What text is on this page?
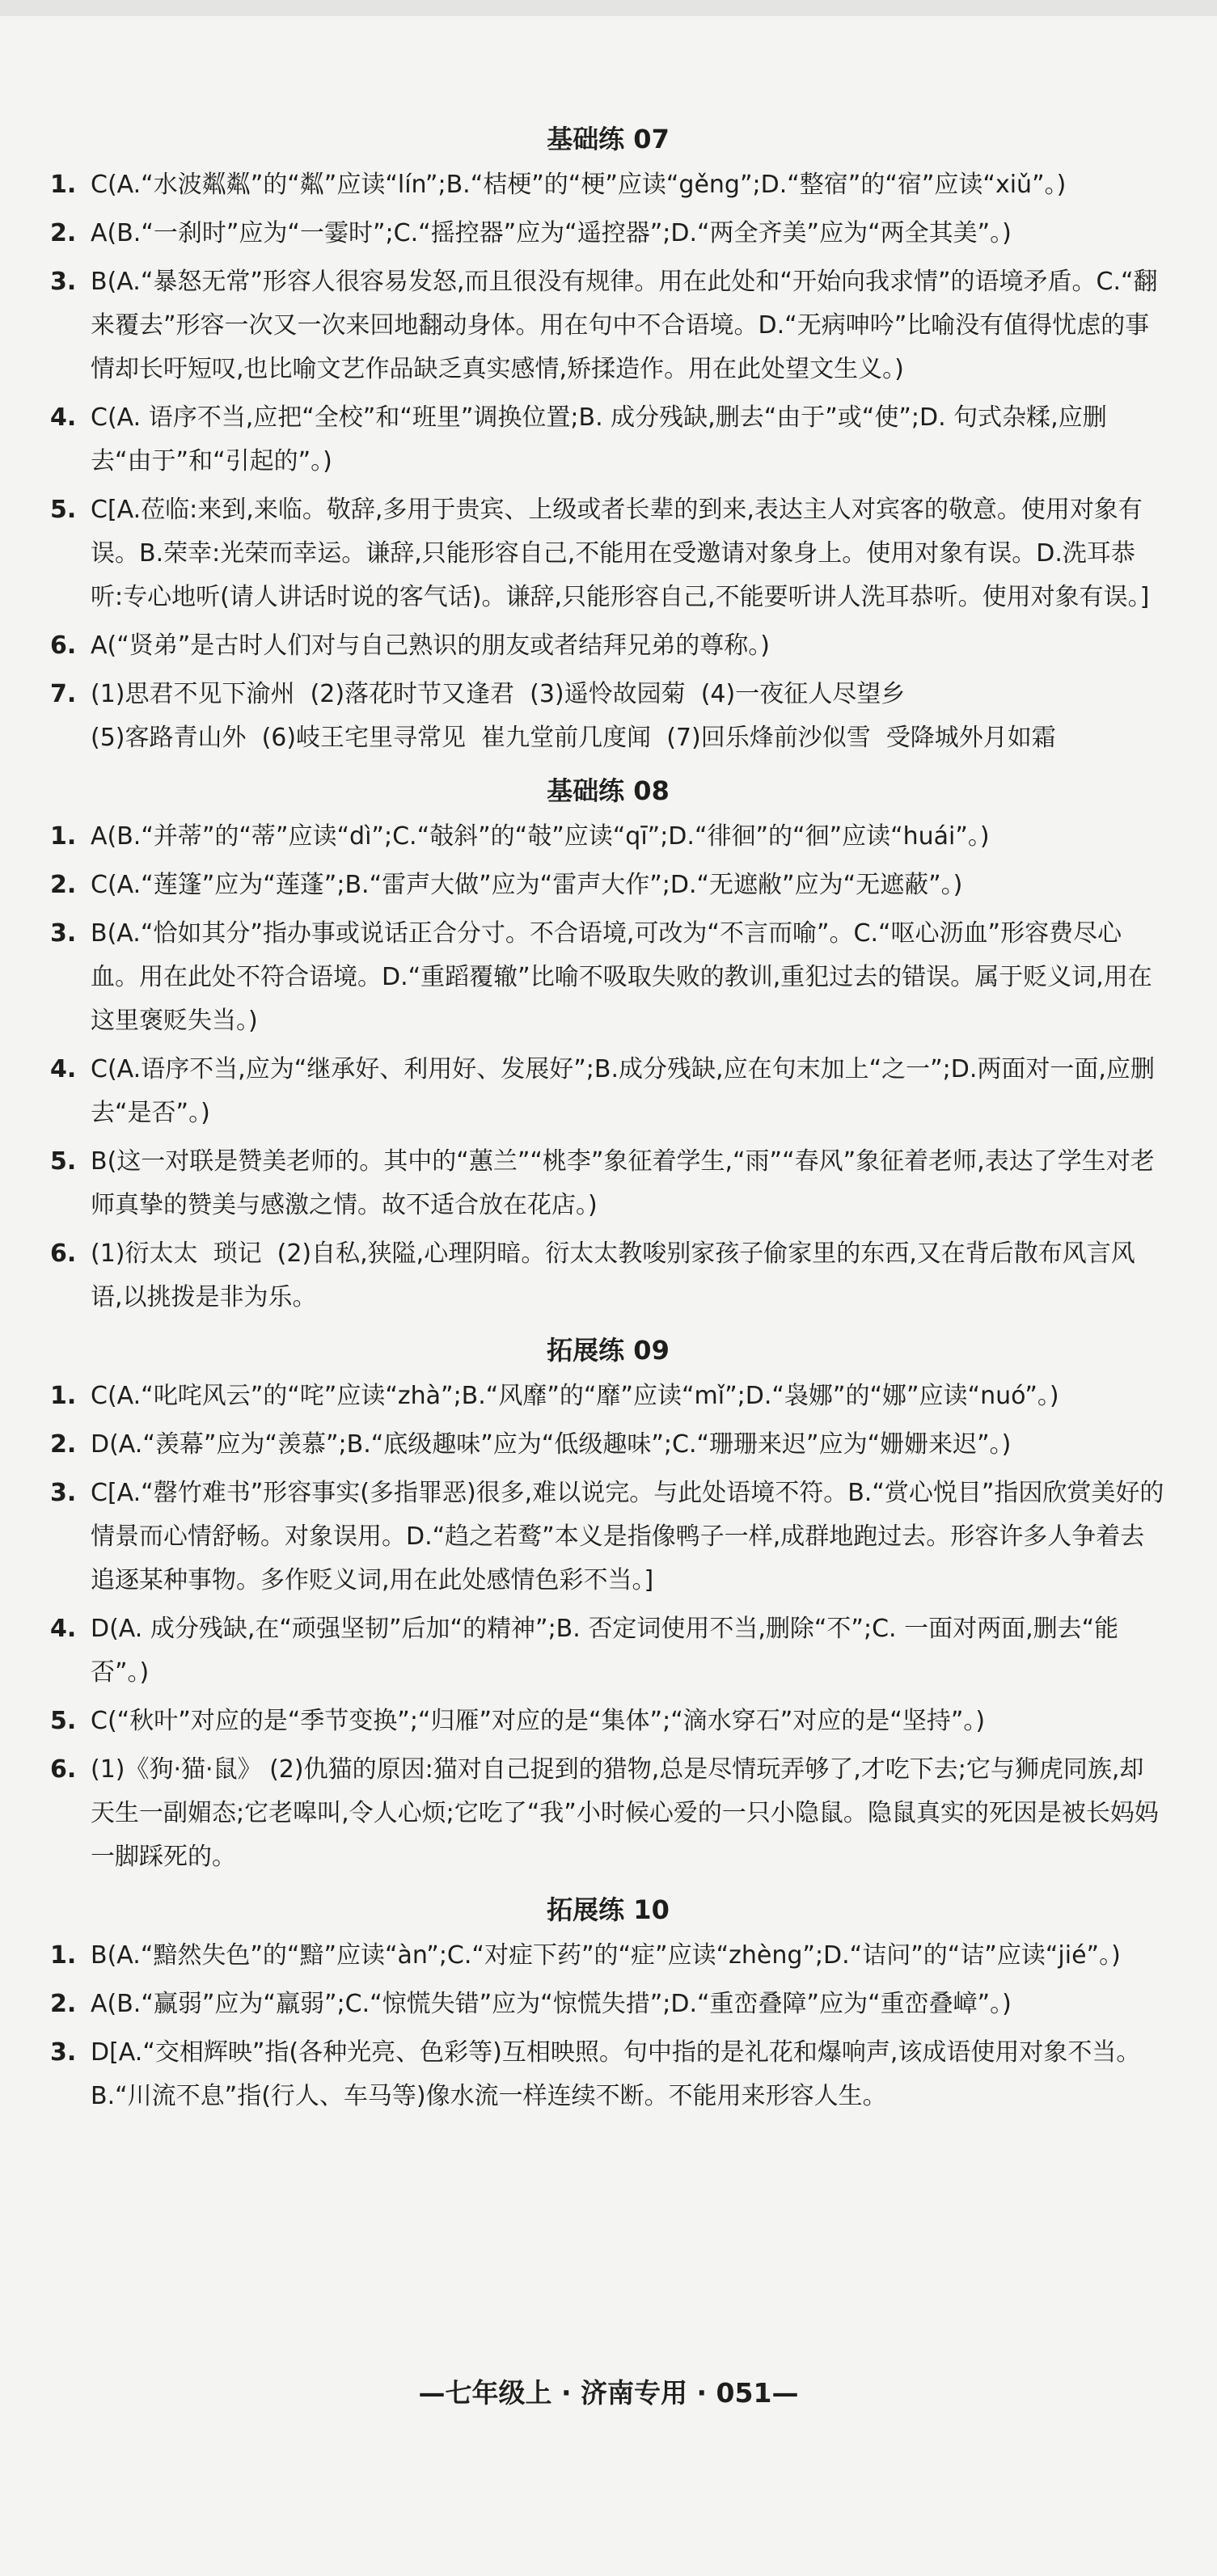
基础练 07
1. C(A.“水波粼粼”的“粼”应读“lín”;B.“桔梗”的“梗”应读“gěng”;D.“整宿”的“宿”应读“xiǔ”。)
2. A(B.“一刹时”应为“一霎时”;C.“摇控器”应为“遥控器”;D.“两全齐美”应为“两全其美”。)
3. B(A.“暴怒无常”形容人很容易发怒,而且很没有规律。用在此处和“开始向我求情”的语境矛盾。C.“翻来覆去”形容一次又一次来回地翻动身体。用在句中不合语境。D.“无病呻吟”比喻没有值得忧虑的事情却长吁短叹,也比喻文艺作品缺乏真实感情,矫揉造作。用在此处望文生义。)
4. C(A. 语序不当,应把“全校”和“班里”调换位置;B. 成分残缺,删去“由于”或“使”;D. 句式杂糅,应删去“由于”和“引起的”。)
5. C[A.莅临:来到,来临。敬辞,多用于贵宾、上级或者长辈的到来,表达主人对宾客的敬意。使用对象有误。B.荣幸:光荣而幸运。谦辞,只能形容自己,不能用在受邀请对象身上。使用对象有误。D.洗耳恭听:专心地听(请人讲话时说的客气话)。谦辞,只能形容自己,不能要听讲人洗耳恭听。使用对象有误。]
6. A(“贤弟”是古时人们对与自己熟识的朋友或者结拜兄弟的尊称。)
7. (1)思君不见下渝州  (2)落花时节又逢君  (3)遥怜故园菊  (4)一夜征人尽望乡
(5)客路青山外  (6)岐王宅里寻常见  崔九堂前几度闻  (7)回乐烽前沙似雪  受降城外月如霜
基础练 08
1. A(B.“并蒂”的“蒂”应读“dì”;C.“攲斜”的“攲”应读“qī”;D.“徘徊”的“徊”应读“huái”。)
2. C(A.“莲篷”应为“莲蓬”;B.“雷声大做”应为“雷声大作”;D.“无遮敝”应为“无遮蔽”。)
3. B(A.“恰如其分”指办事或说话正合分寸。不合语境,可改为“不言而喻”。C.“呕心沥血”形容费尽心血。用在此处不符合语境。D.“重蹈覆辙”比喻不吸取失败的教训,重犯过去的错误。属于贬义词,用在这里褒贬失当。)
4. C(A.语序不当,应为“继承好、利用好、发展好”;B.成分残缺,应在句末加上“之一”;D.两面对一面,应删去“是否”。)
5. B(这一对联是赞美老师的。其中的“蕙兰”“桃李”象征着学生,“雨”“春风”象征着老师,表达了学生对老师真挚的赞美与感激之情。故不适合放在花店。)
6. (1)衍太太  琐记  (2)自私,狭隘,心理阴暗。衍太太教唆别家孩子偷家里的东西,又在背后散布风言风语,以挑拨是非为乐。
拓展练 09
1. C(A.“叱咤风云”的“咤”应读“zhà”;B.“风靡”的“靡”应读“mǐ”;D.“袅娜”的“娜”应读“nuó”。)
2. D(A.“羡幕”应为“羡慕”;B.“底级趣味”应为“低级趣味”;C.“珊珊来迟”应为“姗姗来迟”。)
3. C[A.“罄竹难书”形容事实(多指罪恶)很多,难以说完。与此处语境不符。B.“赏心悦目”指因欣赏美好的情景而心情舒畅。对象误用。D.“趋之若鹜”本义是指像鸭子一样,成群地跑过去。形容许多人争着去追逐某种事物。多作贬义词,用在此处感情色彩不当。]
4. D(A. 成分残缺,在“顽强坚韧”后加“的精神”;B. 否定词使用不当,删除“不”;C. 一面对两面,删去“能否”。)
5. C(“秋叶”对应的是“季节变换”;“归雁”对应的是“集体”;“滴水穿石”对应的是“坚持”。)
6. (1)《狗·猫·鼠》 (2)仇猫的原因:猫对自己捉到的猎物,总是尽情玩弄够了,才吃下去;它与狮虎同族,却天生一副媚态;它老嗥叫,令人心烦;它吃了“我”小时候心爱的一只小隐鼠。隐鼠真实的死因是被长妈妈一脚踩死的。
拓展练 10
1. B(A.“黯然失色”的“黯”应读“àn”;C.“对症下药”的“症”应读“zhèng”;D.“诘问”的“诘”应读“jié”。)
2. A(B.“赢弱”应为“羸弱”;C.“惊慌失错”应为“惊慌失措”;D.“重峦叠障”应为“重峦叠嶂”。)
3. D[A.“交相辉映”指(各种光亮、色彩等)互相映照。句中指的是礼花和爆响声,该成语使用对象不当。B.“川流不息”指(行人、车马等)像水流一样连续不断。不能用来形容人生。
—七年级上 · 济南专用 · 051—
